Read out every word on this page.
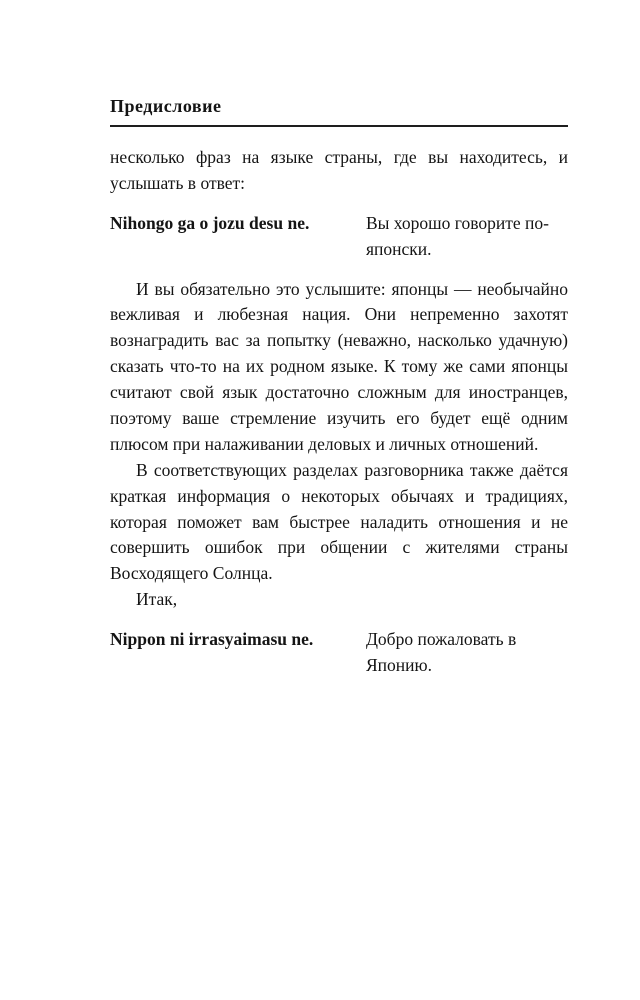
Предисловие

несколько фраз на языке страны, где вы находитесь, и услышать в ответ:

Nihongo ga o jozu desu ne.	Вы хорошо говорите по-японски.

И вы обязательно это услышите: японцы — необычайно вежливая и любезная нация. Они непременно захотят вознаградить вас за попытку (неважно, насколько удачную) сказать что-то на их родном языке. К тому же сами японцы считают свой язык достаточно сложным для иностранцев, поэтому ваше стремление изучить его будет ещё одним плюсом при налаживании деловых и личных отношений.

В соответствующих разделах разговорника также даётся краткая информация о некоторых обычаях и традициях, которая поможет вам быстрее наладить отношения и не совершить ошибок при общении с жителями страны Восходящего Солнца.

Итак,

Nippon ni irrasyaimasu ne.	Добро пожаловать в Японию.
